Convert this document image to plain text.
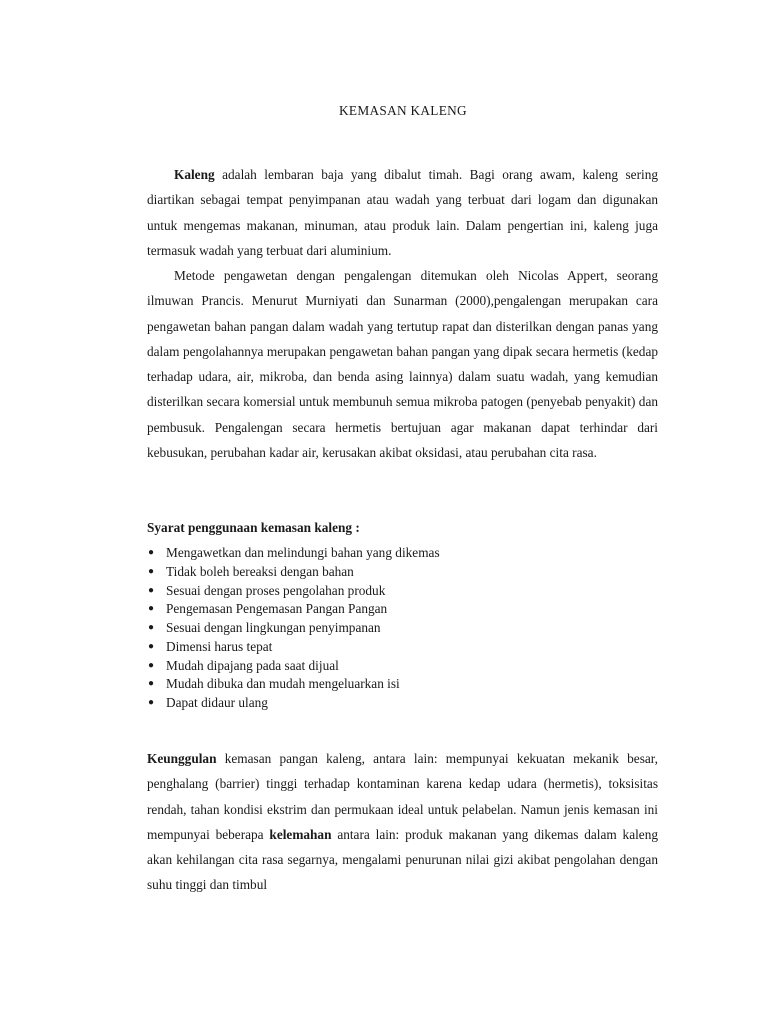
KEMASAN KALENG

Kaleng adalah lembaran baja yang dibalut timah. Bagi orang awam, kaleng sering diartikan sebagai tempat penyimpanan atau wadah yang terbuat dari logam dan digunakan untuk mengemas makanan, minuman, atau produk lain. Dalam pengertian ini, kaleng juga termasuk wadah yang terbuat dari aluminium.

Metode pengawetan dengan pengalengan ditemukan oleh Nicolas Appert, seorang ilmuwan Prancis. Menurut Murniyati dan Sunarman (2000),pengalengan merupakan cara pengawetan bahan pangan dalam wadah yang tertutup rapat dan disterilkan dengan panas yang dalam pengolahannya merupakan pengawetan bahan pangan yang dipak secara hermetis (kedap terhadap udara, air, mikroba, dan benda asing lainnya) dalam suatu wadah, yang kemudian disterilkan secara komersial untuk membunuh semua mikroba patogen (penyebab penyakit) dan pembusuk. Pengalengan secara hermetis bertujuan agar makanan dapat terhindar dari kebusukan, perubahan kadar air, kerusakan akibat oksidasi, atau perubahan cita rasa.

Syarat penggunaan kemasan kaleng :

● Mengawetkan dan melindungi bahan yang dikemas
● Tidak boleh bereaksi dengan bahan
● Sesuai dengan proses pengolahan produk
● Pengemasan Pengemasan Pangan Pangan
● Sesuai dengan lingkungan penyimpanan
● Dimensi harus tepat
● Mudah dipajang pada saat dijual
● Mudah dibuka dan mudah mengeluarkan isi
● Dapat didaur ulang

Keunggulan kemasan pangan kaleng, antara lain: mempunyai kekuatan mekanik besar, penghalang (barrier) tinggi terhadap kontaminan karena kedap udara (hermetis), toksisitas rendah, tahan kondisi ekstrim dan permukaan ideal untuk pelabelan. Namun jenis kemasan ini mempunyai beberapa kelemahan antara lain: produk makanan yang dikemas dalam kaleng akan kehilangan cita rasa segarnya, mengalami penurunan nilai gizi akibat pengolahan dengan suhu tinggi dan timbul
